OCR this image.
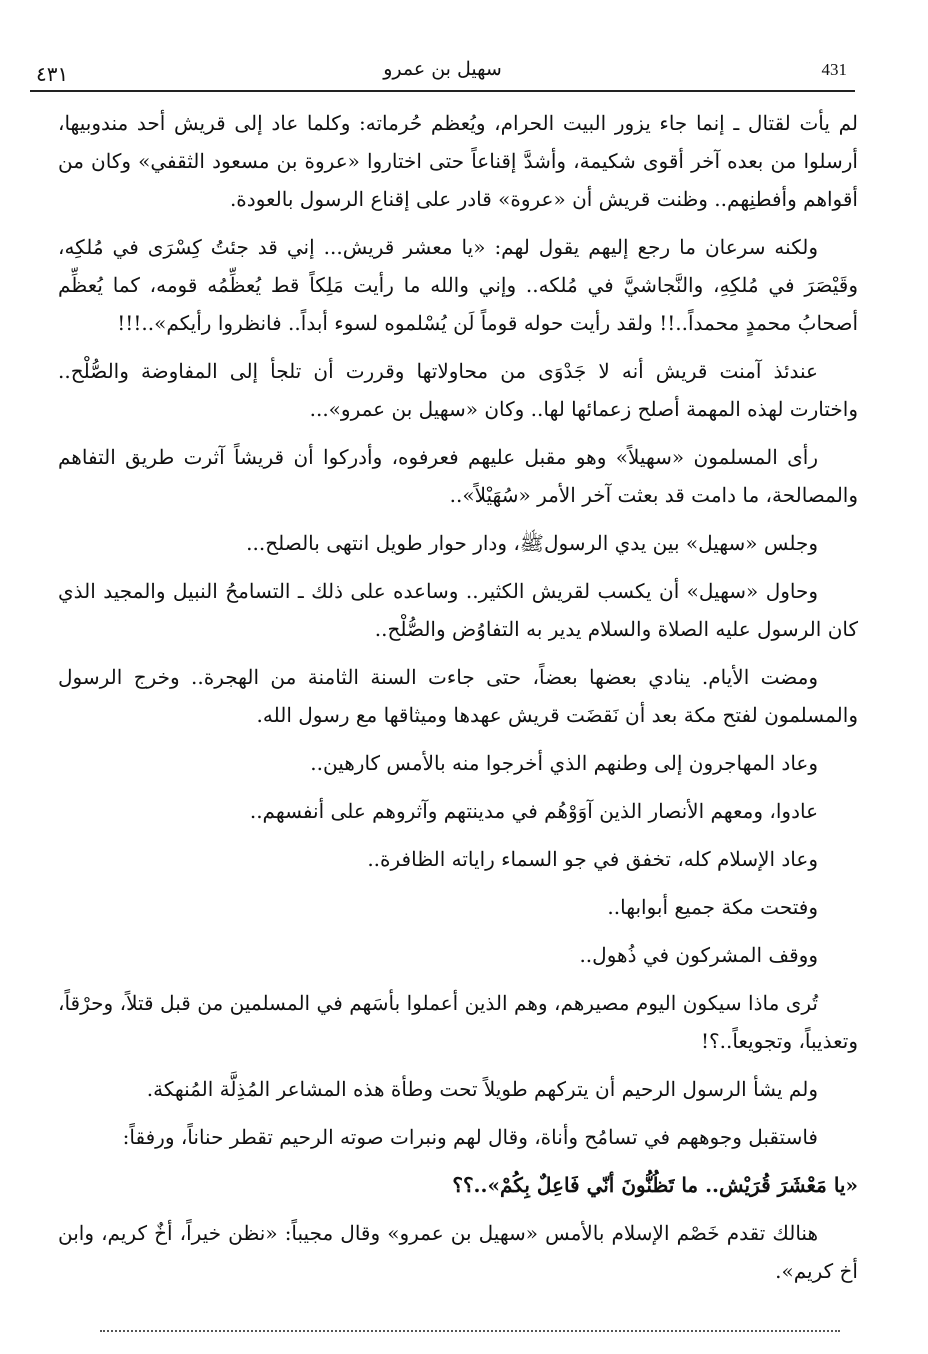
٤٣١	سهيل بن عمرو	431

لم يأت لقتال ـ إنما جاء يزور البيت الحرام، ويُعظم حُرماته: وكلما عاد إلى قريش أحد مندوبيها، أرسلوا من بعده آخر أقوى شكيمة، وأشدَّ إقناعاً حتى اختاروا «عروة بن مسعود الثقفي» وكان من أقواهم وأفطنِهم.. وظنت قريش أن «عروة» قادر على إقناع الرسول بالعودة.

ولكنه سرعان ما رجع إليهم يقول لهم: «يا معشر قريش... إني قد جئتُ كِسْرَى في مُلكِه، وقَيْصَرَ في مُلكِهِ، والنَّجاشيَّ في مُلكه.. وإني والله ما رأيت مَلِكاً قط يُعظِّمُه قومه، كما يُعظِّم أصحابُ محمدٍ محمداً..!! ولقد رأيت حوله قوماً لَن يُسْلموه لسوء أبداً.. فانظروا رأيكم»..!!!

عندئذ آمنت قريش أنه لا جَدْوَى من محاولاتها وقررت أن تلجأ إلى المفاوضة والصُّلْح.. واختارت لهذه المهمة أصلح زعمائها لها.. وكان «سهيل بن عمرو»...

رأى المسلمون «سهيلاً» وهو مقبل عليهم فعرفوه، وأدركوا أن قريشاً آثرت طريق التفاهم والمصالحة، ما دامت قد بعثت آخر الأمر «سُهَيْلاً»..

وجلس «سهيل» بين يدي الرسولﷺ، ودار حوار طويل انتهى بالصلح...

وحاول «سهيل» أن يكسب لقريش الكثير.. وساعده على ذلك ـ التسامحُ النبيل والمجيد الذي كان الرسول عليه الصلاة والسلام يدير به التفاوُض والصُّلْح..

ومضت الأيام. ينادي بعضها بعضاً، حتى جاءت السنة الثامنة من الهجرة.. وخرج الرسول والمسلمون لفتح مكة بعد أن نَقضَت قريش عهدها وميثاقها مع رسول الله.

وعاد المهاجرون إلى وطنهم الذي أخرجوا منه بالأمس كارهين..

عادوا، ومعهم الأنصار الذين آوَوْهُم في مدينتهم وآثروهم على أنفسهم..

وعاد الإسلام كله، تخفق في جو السماء راياته الظافرة..

وفتحت مكة جميع أبوابها..

ووقف المشركون في ذُهول..

تُرى ماذا سيكون اليوم مصيرهم، وهم الذين أعملوا بأسَهم في المسلمين من قبل قتلاً، وحرْقاً، وتعذيباً، وتجويعاً..؟!

ولم يشأ الرسول الرحيم أن يتركهم طويلاً تحت وطأة هذه المشاعر المُذِلَّة المُنهكة.

فاستقبل وجوههم في تسامُح وأناة، وقال لهم ونبرات صوته الرحيم تقطر حناناً، ورفقاً:

«يا مَعْشَرَ قُرَيْش.. ما تَظُنُّونَ أنّي فَاعِلٌ بِكُمْ»..؟؟

هنالك تقدم خَصْم الإسلام بالأمس «سهيل بن عمرو» وقال مجيباً: «نظن خيراً، أخٌ كريم، وابن أخ كريم».
